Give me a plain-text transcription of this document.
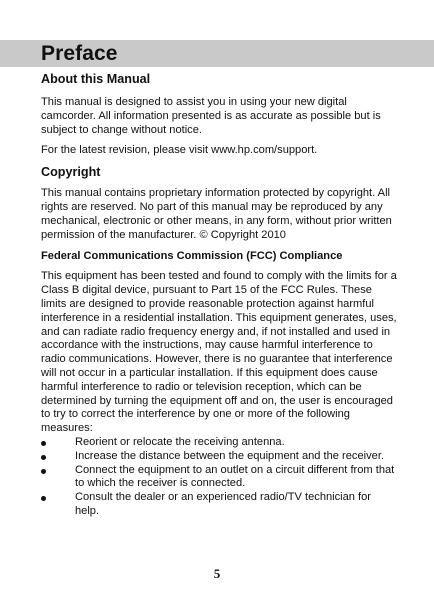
Preface
About this Manual

This manual is designed to assist you in using your new digital camcorder. All information presented is as accurate as possible but is subject to change without notice.

For the latest revision, please visit www.hp.com/support.

Copyright

This manual contains proprietary information protected by copyright. All rights are reserved. No part of this manual may be reproduced by any mechanical, electronic or other means, in any form, without prior written permission of the manufacturer. © Copyright 2010

Federal Communications Commission (FCC) Compliance

This equipment has been tested and found to comply with the limits for a Class B digital device, pursuant to Part 15 of the FCC Rules. These limits are designed to provide reasonable protection against harmful interference in a residential installation. This equipment generates, uses, and can radiate radio frequency energy and, if not installed and used in accordance with the instructions, may cause harmful interference to radio communications. However, there is no guarantee that interference will not occur in a particular installation. If this equipment does cause harmful interference to radio or television reception, which can be determined by turning the equipment off and on, the user is encouraged to try to correct the interference by one or more of the following measures:

Reorient or relocate the receiving antenna.
Increase the distance between the equipment and the receiver.
Connect the equipment to an outlet on a circuit different from that to which the receiver is connected.
Consult the dealer or an experienced radio/TV technician for help.
5
